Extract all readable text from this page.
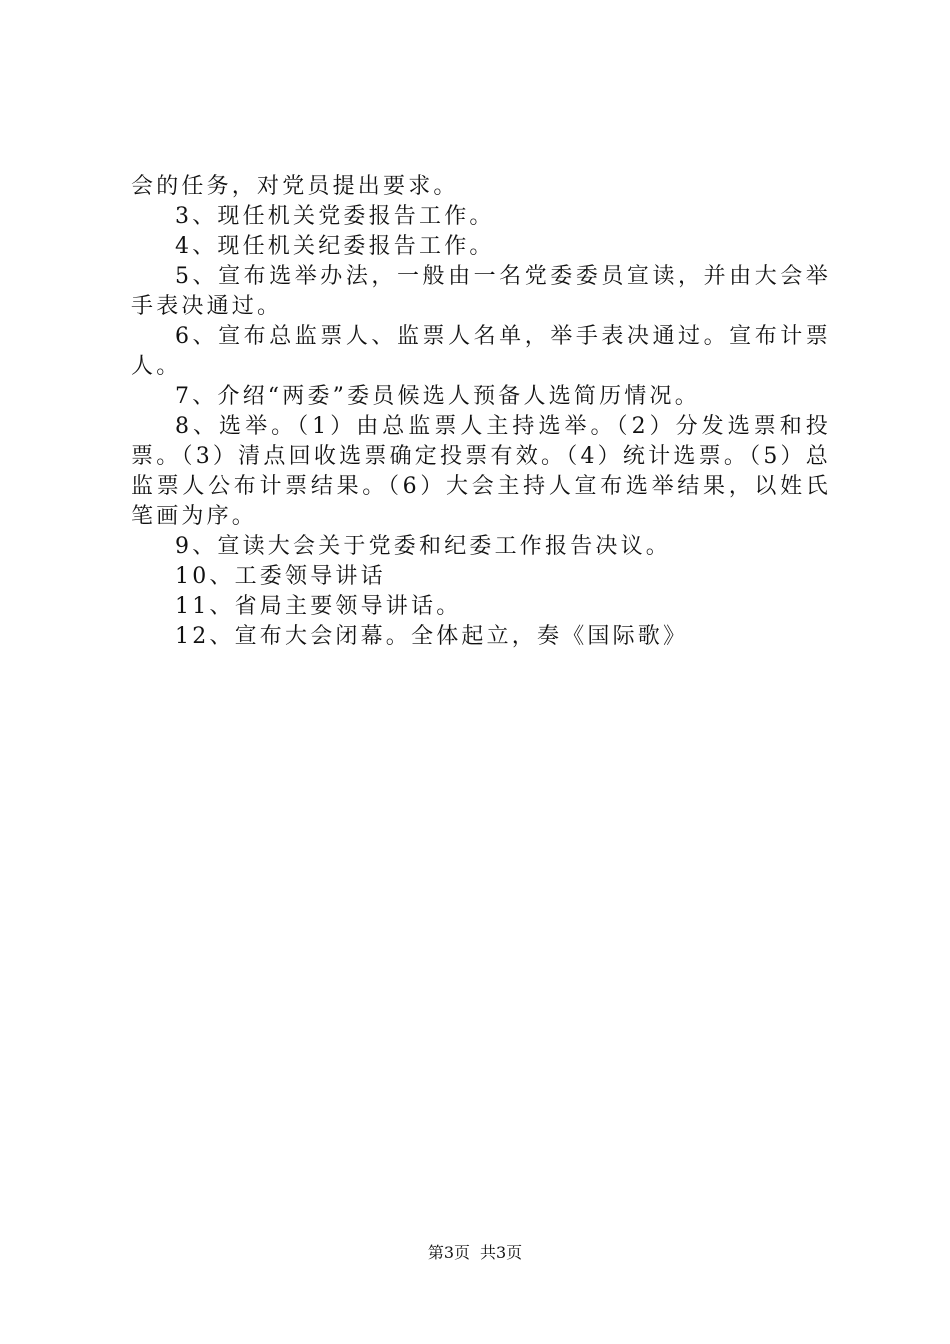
会的任务，对党员提出要求。

3、现任机关党委报告工作。

4、现任机关纪委报告工作。

5、宣布选举办法，一般由一名党委委员宣读，并由大会举手表决通过。

6、宣布总监票人、监票人名单，举手表决通过。宣布计票人。

7、介绍“两委”委员候选人预备人选简历情况。

8、选举。（1）由总监票人主持选举。（2）分发选票和投票。（3）清点回收选票确定投票有效。（4）统计选票。（5）总监票人公布计票结果。（6）大会主持人宣布选举结果，以姓氏笔画为序。

9、宣读大会关于党委和纪委工作报告决议。

10、工委领导讲话

11、省局主要领导讲话。

12、宣布大会闭幕。全体起立，奏《国际歌》

第3页 共3页
